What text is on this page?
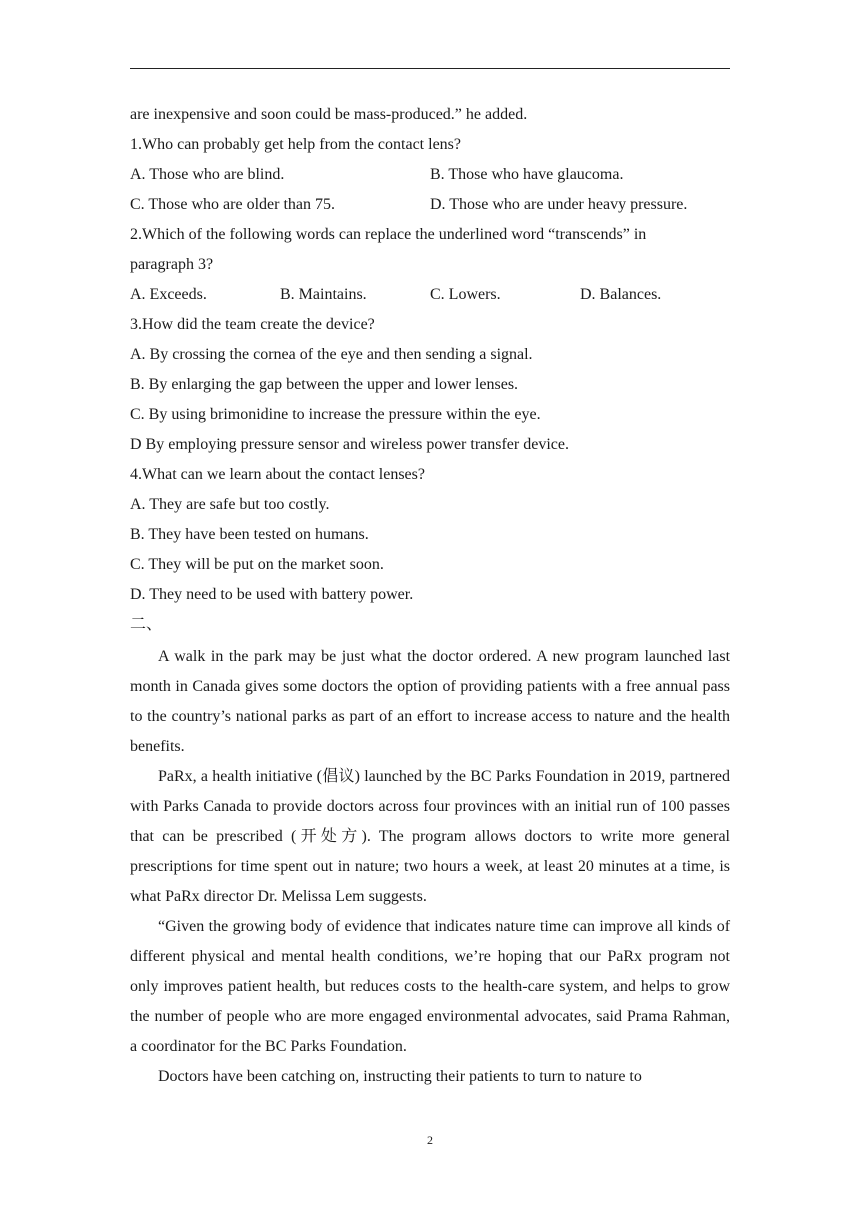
are inexpensive and soon could be mass-produced.” he added.
1.Who can probably get help from the contact lens?
A. Those who are blind.	B. Those who have glaucoma.
C. Those who are older than 75.	D. Those who are under heavy pressure.
2.Which of the following words can replace the underlined word “transcends” in
paragraph 3?
A. Exceeds.	B. Maintains.	C. Lowers.	D. Balances.
3.How did the team create the device?
A. By crossing the cornea of the eye and then sending a signal.
B. By enlarging the gap between the upper and lower lenses.
C. By using brimonidine to increase the pressure within the eye.
D By employing pressure sensor and wireless power transfer device.
4.What can we learn about the contact lenses?
A. They are safe but too costly.
B. They have been tested on humans.
C. They will be put on the market soon.
D. They need to be used with battery power.
二、

A walk in the park may be just what the doctor ordered. A new program launched last month in Canada gives some doctors the option of providing patients with a free annual pass to the country’s national parks as part of an effort to increase access to nature and the health benefits.

PaRx, a health initiative (倡议) launched by the BC Parks Foundation in 2019, partnered with Parks Canada to provide doctors across four provinces with an initial run of 100 passes that can be prescribed (开处方). The program allows doctors to write more general prescriptions for time spent out in nature; two hours a week, at least 20 minutes at a time, is what PaRx director Dr. Melissa Lem suggests.

“Given the growing body of evidence that indicates nature time can improve all kinds of different physical and mental health conditions, we’re hoping that our PaRx program not only improves patient health, but reduces costs to the health-care system, and helps to grow the number of people who are more engaged environmental advocates, said Prama Rahman, a coordinator for the BC Parks Foundation.

Doctors have been catching on, instructing their patients to turn to nature to

2
